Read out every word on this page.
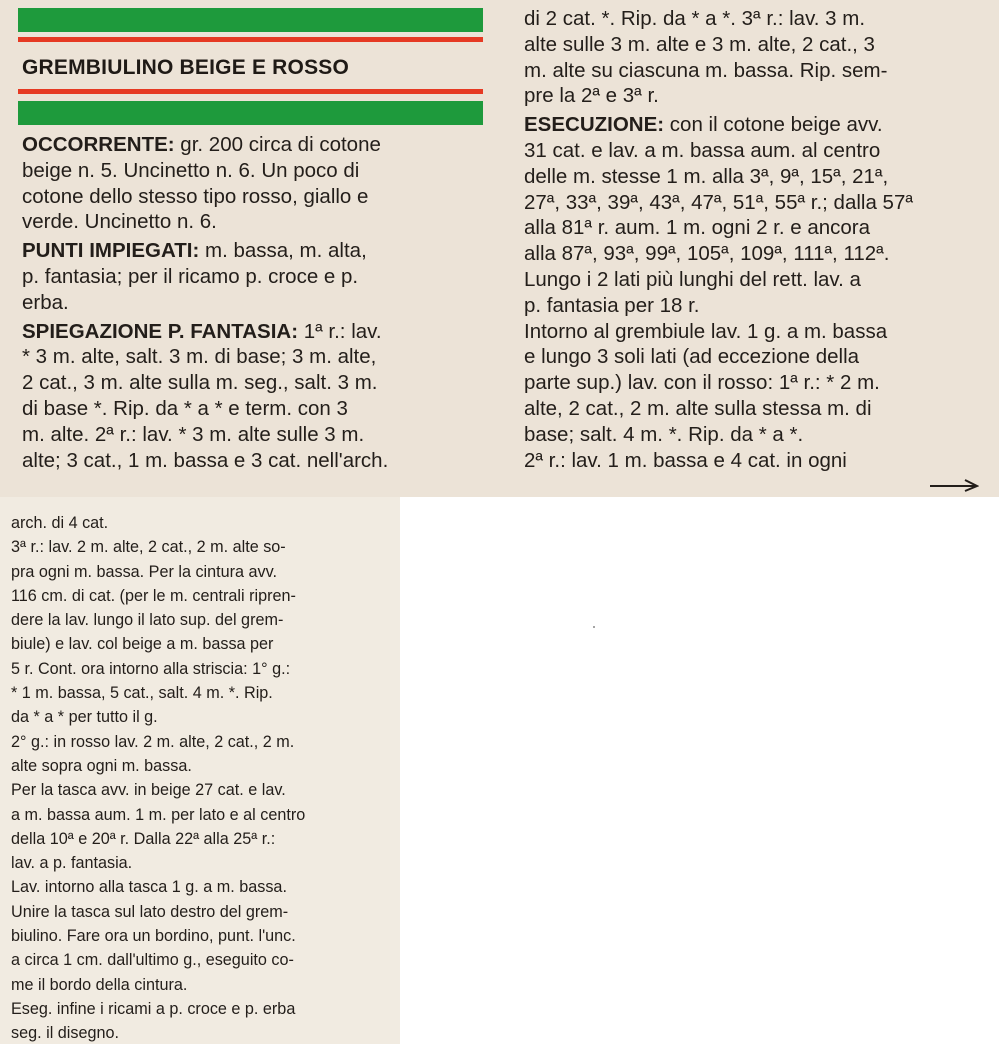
GREMBIULINO BEIGE E ROSSO

OCCORRENTE: gr. 200 circa di cotone
beige n. 5. Uncinetto n. 6. Un poco di
cotone dello stesso tipo rosso, giallo e
verde. Uncinetto n. 6.

PUNTI IMPIEGATI: m. bassa, m. alta,
p. fantasia; per il ricamo p. croce e p.
erba.

SPIEGAZIONE P. FANTASIA: 1ª r.: lav.
* 3 m. alte, salt. 3 m. di base; 3 m. alte,
2 cat., 3 m. alte sulla m. seg., salt. 3 m.
di base *. Rip. da * a * e term. con 3
m. alte. 2ª r.: lav. * 3 m. alte sulle 3 m.
alte; 3 cat., 1 m. bassa e 3 cat. nell'arch.

di 2 cat. *. Rip. da * a *. 3ª r.: lav. 3 m.
alte sulle 3 m. alte e 3 m. alte, 2 cat., 3
m. alte su ciascuna m. bassa. Rip. sem-
pre la 2ª e 3ª r.

ESECUZIONE: con il cotone beige avv.
31 cat. e lav. a m. bassa aum. al centro
delle m. stesse 1 m. alla 3ª, 9ª, 15ª, 21ª,
27ª, 33ª, 39ª, 43ª, 47ª, 51ª, 55ª r.; dalla 57ª
alla 81ª r. aum. 1 m. ogni 2 r. e ancora
alla 87ª, 93ª, 99ª, 105ª, 109ª, 111ª, 112ª.
Lungo i 2 lati più lunghi del rett. lav. a
p. fantasia per 18 r.

Intorno al grembiule lav. 1 g. a m. bassa
e lungo 3 soli lati (ad eccezione della
parte sup.) lav. con il rosso: 1ª r.: * 2 m.
alte, 2 cat., 2 m. alte sulla stessa m. di
base; salt. 4 m. *. Rip. da * a *.
2ª r.: lav. 1 m. bassa e 4 cat. in ogni

arch. di 4 cat.
3ª r.: lav. 2 m. alte, 2 cat., 2 m. alte so-
pra ogni m. bassa. Per la cintura avv.
116 cm. di cat. (per le m. centrali ripren-
dere la lav. lungo il lato sup. del grem-
biule) e lav. col beige a m. bassa per
5 r. Cont. ora intorno alla striscia: 1° g.:
* 1 m. bassa, 5 cat., salt. 4 m. *. Rip.
da * a * per tutto il g.
2° g.: in rosso lav. 2 m. alte, 2 cat., 2 m.
alte sopra ogni m. bassa.
Per la tasca avv. in beige 27 cat. e lav.
a m. bassa aum. 1 m. per lato e al centro
della 10ª e 20ª r. Dalla 22ª alla 25ª r.:
lav. a p. fantasia.
Lav. intorno alla tasca 1 g. a m. bassa.
Unire la tasca sul lato destro del grem-
biulino. Fare ora un bordino, punt. l'unc.
a circa 1 cm. dall'ultimo g., eseguito co-
me il bordo della cintura.
Eseg. infine i ricami a p. croce e p. erba
seg. il disegno.
